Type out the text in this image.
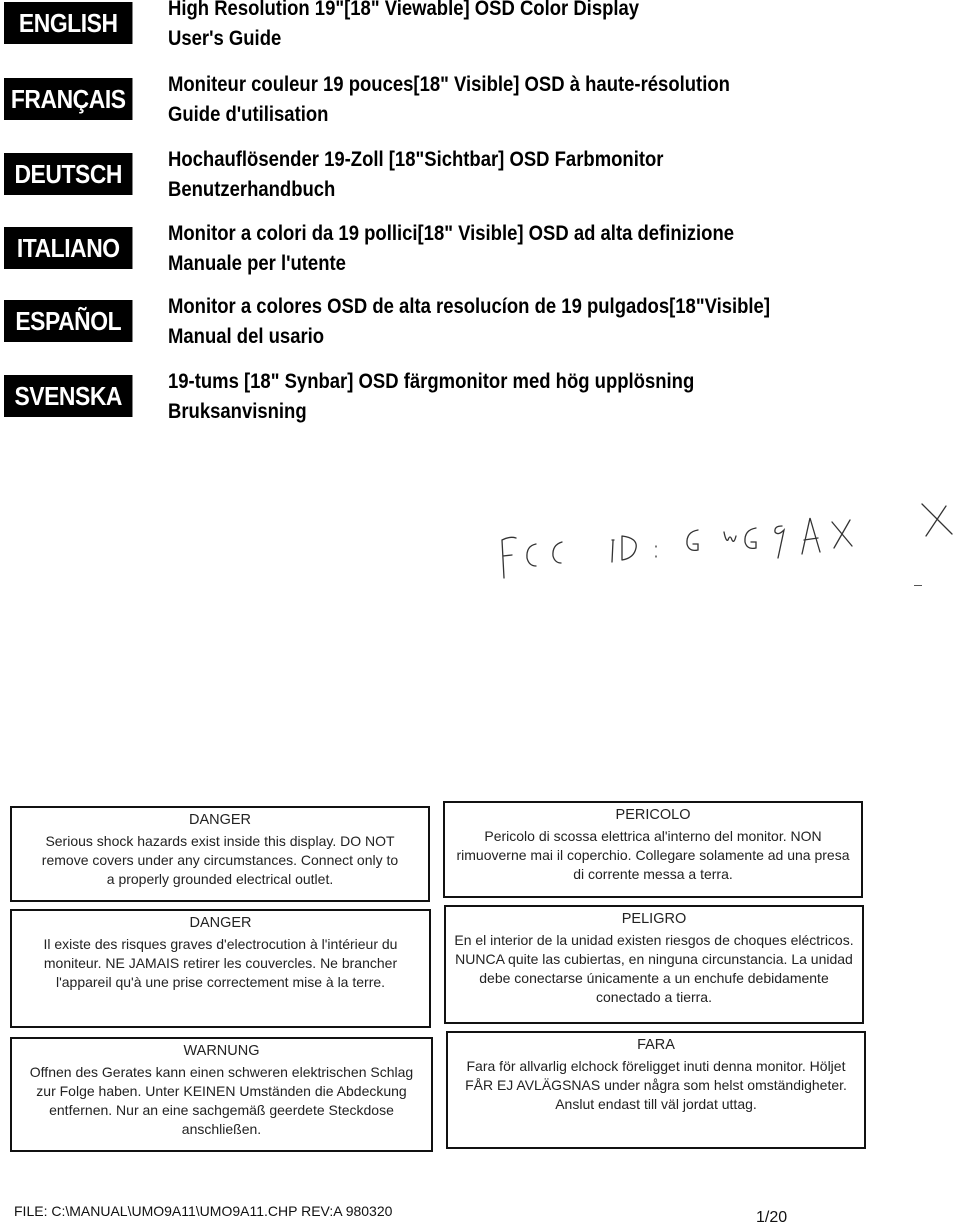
ENGLISH	High Resolution 19"[18" Viewable] OSD Color Display
User's Guide
FRANÇAIS	Moniteur couleur 19 pouces[18" Visible] OSD à haute-résolution
Guide d'utilisation
DEUTSCH	Hochauflösender 19-Zoll [18"Sichtbar] OSD Farbmonitor
Benutzerhandbuch
ITALIANO	Monitor a colori da 19 pollici[18" Visible] OSD ad alta definizione
Manuale per l'utente
ESPAÑOL	Monitor a colores OSD de alta resolucíon de 19 pulgados[18"Visible]
Manual del usario
SVENSKA	19-tums [18" Synbar] OSD färgmonitor med hög upplösning
Bruksanvisning
DANGER
Serious shock hazards exist inside this display. DO NOT remove covers under any circumstances. Connect only to a properly grounded electrical outlet.
PERICOLO
Pericolo di scossa elettrica al'interno del monitor. NON rimuoverne mai il coperchio. Collegare solamente ad una presa di corrente messa a terra.
DANGER
Il existe des risques graves d'electrocution à l'intérieur du moniteur. NE JAMAIS retirer les couvercles. Ne brancher l'appareil qu'à une prise correctement mise à la terre.
PELIGRO
En el interior de la unidad existen riesgos de choques eléctricos. NUNCA quite las cubiertas, en ninguna circunstancia. La unidad debe conectarse únicamente a un enchufe debidamente conectado a tierra.
WARNUNG
Offnen des Gerates kann einen schweren elektrischen Schlag zur Folge haben. Unter KEINEN Umständen die Abdeckung entfernen. Nur an eine sachgemäß geerdete Steckdose anschließen.
FARA
Fara för allvarlig elchock föreligget inuti denna monitor. Höljet FÅR EJ AVLÄGSNAS under några som helst omständigheter. Anslut endast till väl jordat uttag.
FILE: C:\MANUAL\UMO9A11\UMO9A11.CHP REV:A 980320	1/20
